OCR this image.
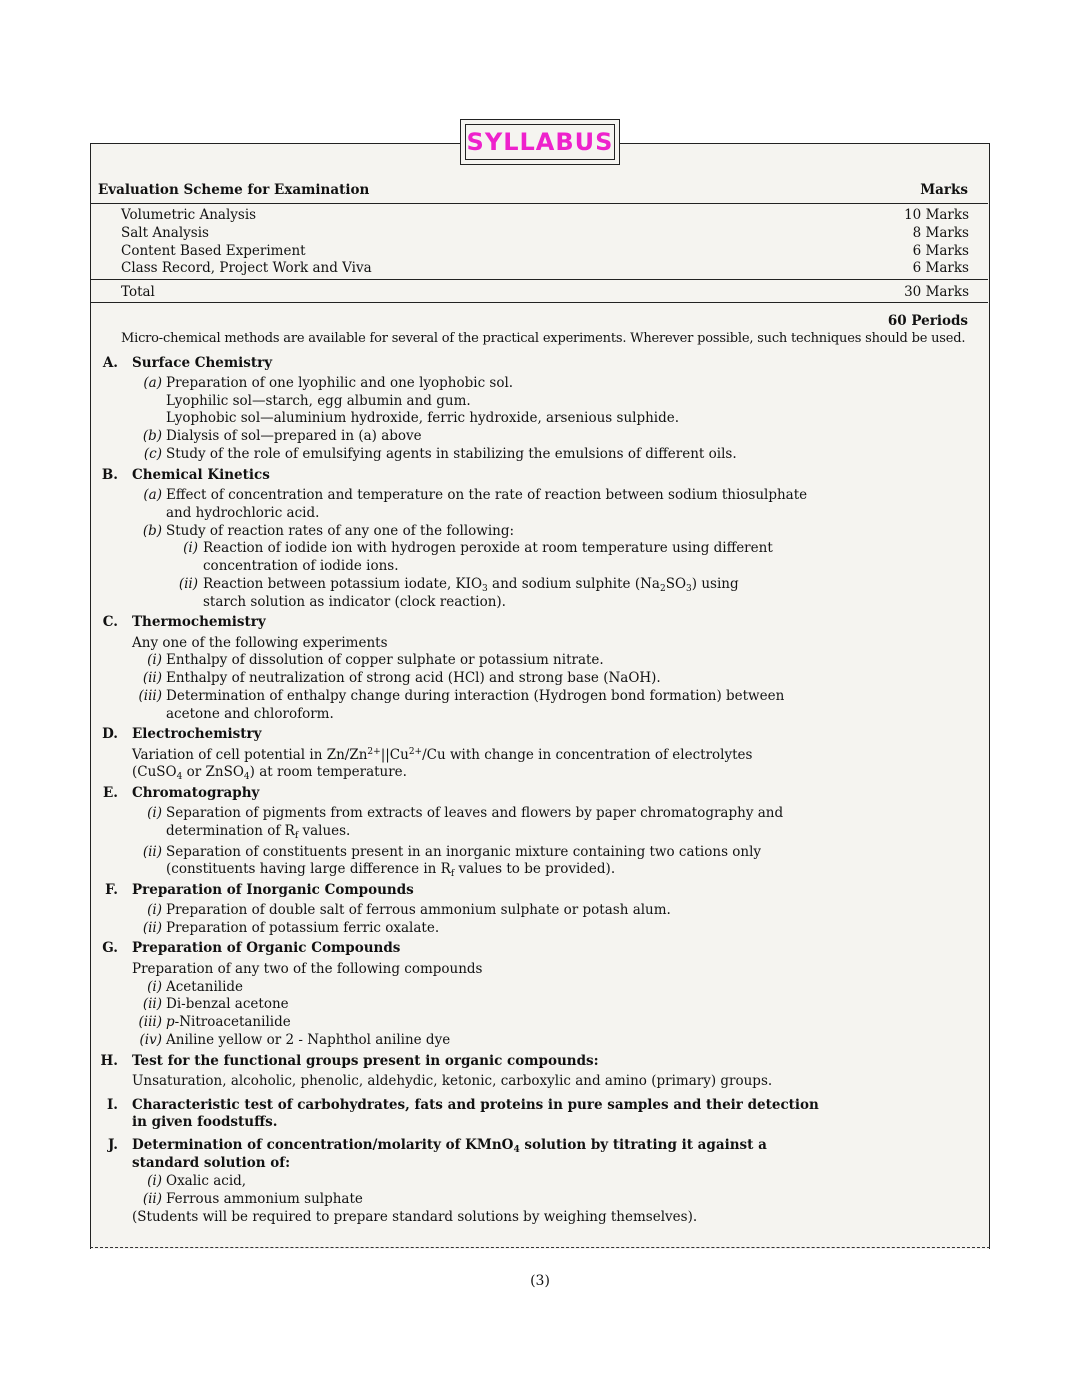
SYLLABUS
Evaluation Scheme for Examination	Marks
Volumetric Analysis	10 Marks
Salt Analysis	8 Marks
Content Based Experiment	6 Marks
Class Record, Project Work and Viva	6 Marks
Total	30 Marks
60 Periods
Micro-chemical methods are available for several of the practical experiments. Wherever possible, such techniques should be used.
A. Surface Chemistry
(a) Preparation of one lyophilic and one lyophobic sol.
Lyophilic sol—starch, egg albumin and gum.
Lyophobic sol—aluminium hydroxide, ferric hydroxide, arsenious sulphide.
(b) Dialysis of sol—prepared in (a) above
(c) Study of the role of emulsifying agents in stabilizing the emulsions of different oils.
B. Chemical Kinetics
(a) Effect of concentration and temperature on the rate of reaction between sodium thiosulphate
and hydrochloric acid.
(b) Study of reaction rates of any one of the following:
(i) Reaction of iodide ion with hydrogen peroxide at room temperature using different
concentration of iodide ions.
(ii) Reaction between potassium iodate, $KIO_3$ and sodium sulphite $(Na_2SO_3)$ using
starch solution as indicator (clock reaction).
C. Thermochemistry
Any one of the following experiments
(i) Enthalpy of dissolution of copper sulphate or potassium nitrate.
(ii) Enthalpy of neutralization of strong acid (HCl) and strong base (NaOH).
(iii) Determination of enthalpy change during interaction (Hydrogen bond formation) between
acetone and chloroform.
D. Electrochemistry
Variation of cell potential in $Zn/Zn^{2+}||Cu^{2+}/Cu$ with change in concentration of electrolytes
(CuSO$_4$ or ZnSO$_4$) at room temperature.
E. Chromatography
(i) Separation of pigments from extracts of leaves and flowers by paper chromatography and
determination of $R_f$ values.
(ii) Separation of constituents present in an inorganic mixture containing two cations only
(constituents having large difference in $R_f$ values to be provided).
F. Preparation of Inorganic Compounds
(i) Preparation of double salt of ferrous ammonium sulphate or potash alum.
(ii) Preparation of potassium ferric oxalate.
G. Preparation of Organic Compounds
Preparation of any two of the following compounds
(i) Acetanilide
(ii) Di-benzal acetone
(iii) p-Nitroacetanilide
(iv) Aniline yellow or 2 - Naphthol aniline dye
H. Test for the functional groups present in organic compounds:
Unsaturation, alcoholic, phenolic, aldehydic, ketonic, carboxylic and amino (primary) groups.
I. Characteristic test of carbohydrates, fats and proteins in pure samples and their detection
in given foodstuffs.
J. Determination of concentration/molarity of KMnO$_4$ solution by titrating it against a
standard solution of:
(i) Oxalic acid,
(ii) Ferrous ammonium sulphate
(Students will be required to prepare standard solutions by weighing themselves).
(3)
